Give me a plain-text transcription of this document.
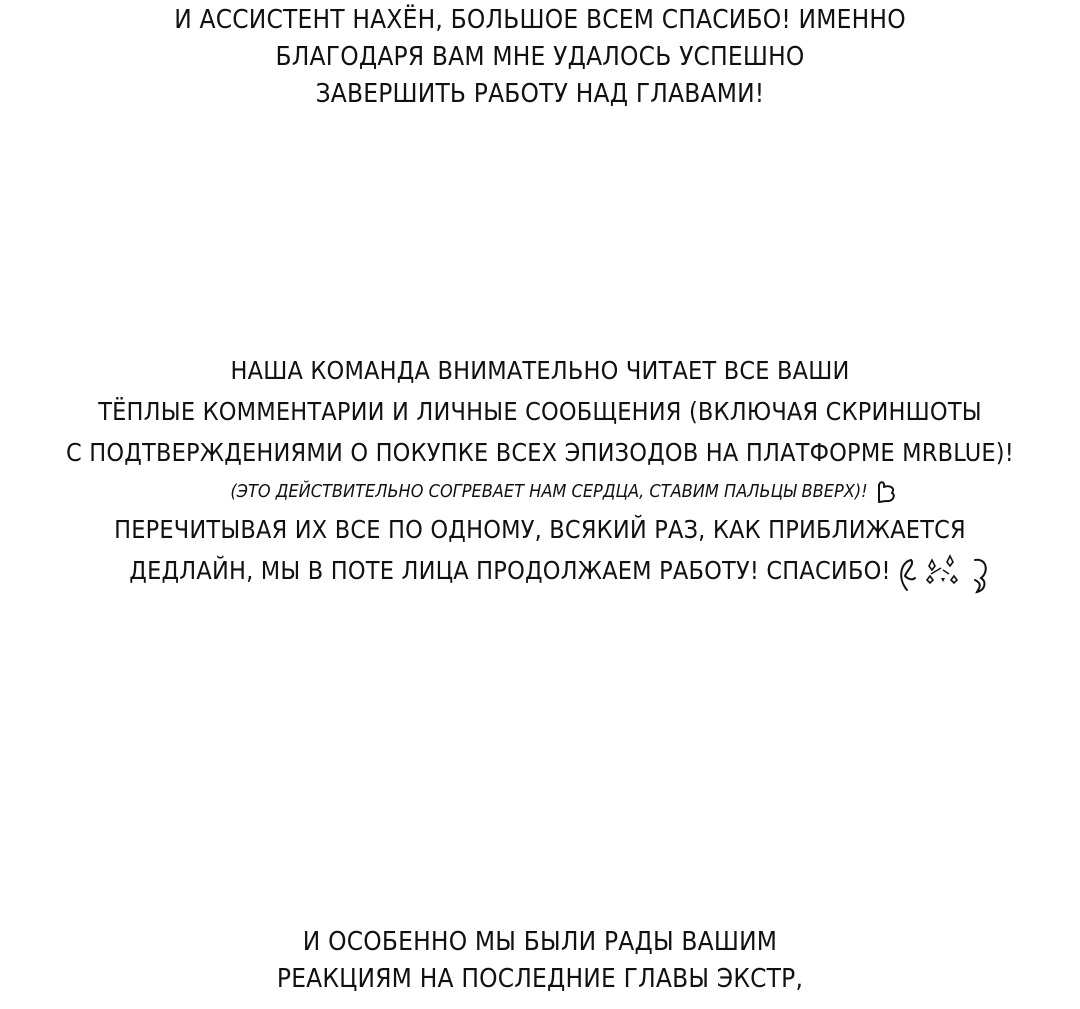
И АССИСТЕНТ НАХЁН, БОЛЬШОЕ ВСЕМ СПАСИБО! ИМЕННО
БЛАГОДАРЯ ВАМ МНЕ УДАЛОСЬ УСПЕШНО
ЗАВЕРШИТЬ РАБОТУ НАД ГЛАВАМИ!
НАША КОМАНДА ВНИМАТЕЛЬНО ЧИТАЕТ ВСЕ ВАШИ
ТЁПЛЫЕ КОММЕНТАРИИ И ЛИЧНЫЕ СООБЩЕНИЯ (ВКЛЮЧАЯ СКРИНШОТЫ
С ПОДТВЕРЖДЕНИЯМИ О ПОКУПКЕ ВСЕХ ЭПИЗОДОВ НА ПЛАТФОРМЕ MRBLUE)!
(ЭТО ДЕЙСТВИТЕЛЬНО СОГРЕВАЕТ НАМ СЕРДЦА, СТАВИМ ПАЛЬЦЫ ВВЕРХ)!
ПЕРЕЧИТЫВАЯ ИХ ВСЕ ПО ОДНОМУ, ВСЯКИЙ РАЗ, КАК ПРИБЛИЖАЕТСЯ
ДЕДЛАЙН, МЫ В ПОТЕ ЛИЦА ПРОДОЛЖАЕМ РАБОТУ! СПАСИБО!
И ОСОБЕННО МЫ БЫЛИ РАДЫ ВАШИМ
РЕАКЦИЯМ НА ПОСЛЕДНИЕ ГЛАВЫ ЭКСТР,
